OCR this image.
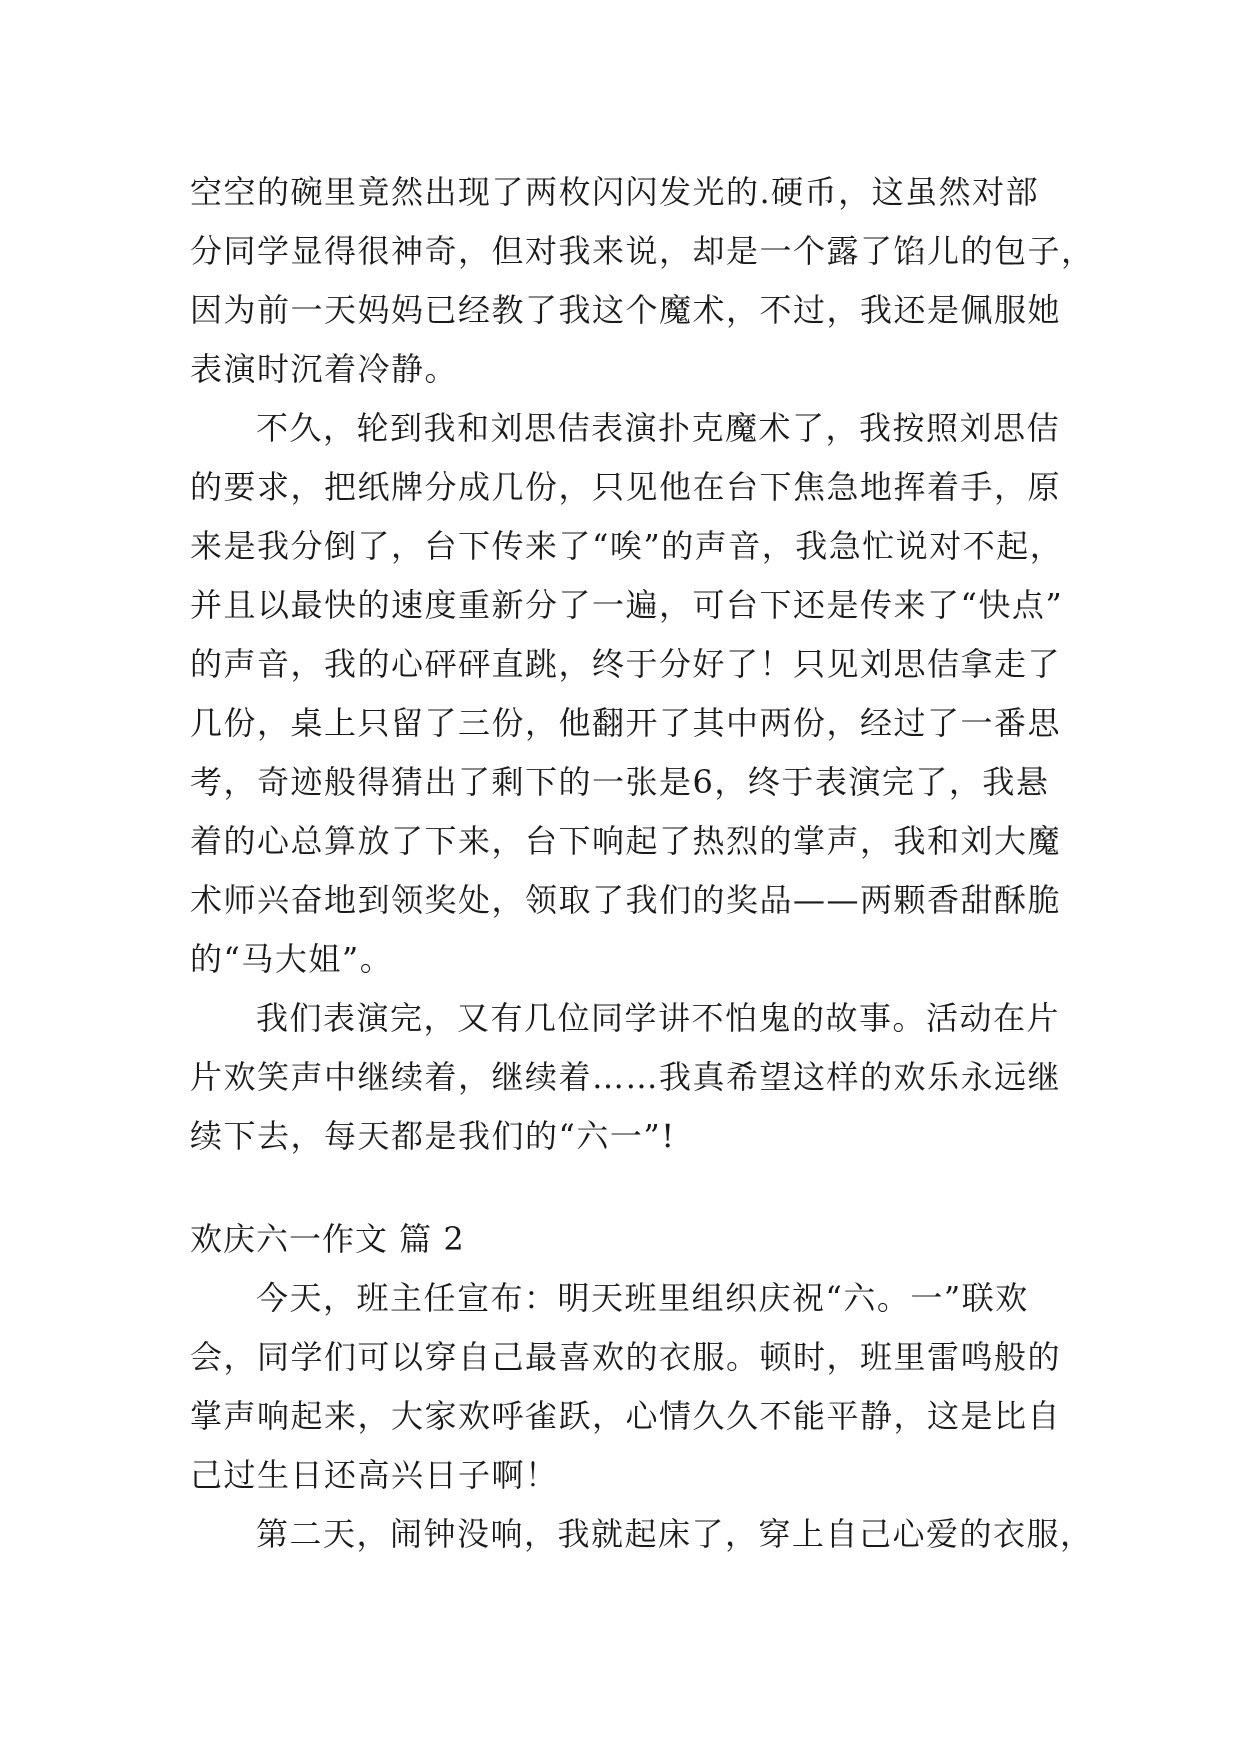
空空的碗里竟然出现了两枚闪闪发光的.硬币，这虽然对部
分同学显得很神奇，但对我来说，却是一个露了馅儿的包子，
因为前一天妈妈已经教了我这个魔术，不过，我还是佩服她
表演时沉着冷静。
不久，轮到我和刘思佶表演扑克魔术了，我按照刘思佶
的要求，把纸牌分成几份，只见他在台下焦急地挥着手，原
来是我分倒了，台下传来了“唉”的声音，我急忙说对不起，
并且以最快的速度重新分了一遍，可台下还是传来了“快点”
的声音，我的心砰砰直跳，终于分好了！只见刘思佶拿走了
几份，桌上只留了三份，他翻开了其中两份，经过了一番思
考，奇迹般得猜出了剩下的一张是6，终于表演完了，我悬
着的心总算放了下来，台下响起了热烈的掌声，我和刘大魔
术师兴奋地到领奖处，领取了我们的奖品——两颗香甜酥脆
的“马大姐”。
我们表演完，又有几位同学讲不怕鬼的故事。活动在片
片欢笑声中继续着，继续着……我真希望这样的欢乐永远继
续下去，每天都是我们的“六一”!
欢庆六一作文 篇 2
今天，班主任宣布：明天班里组织庆祝“六。一”联欢
会，同学们可以穿自己最喜欢的衣服。顿时，班里雷鸣般的
掌声响起来，大家欢呼雀跃，心情久久不能平静，这是比自
己过生日还高兴日子啊！
第二天，闹钟没响，我就起床了，穿上自己心爱的衣服，
